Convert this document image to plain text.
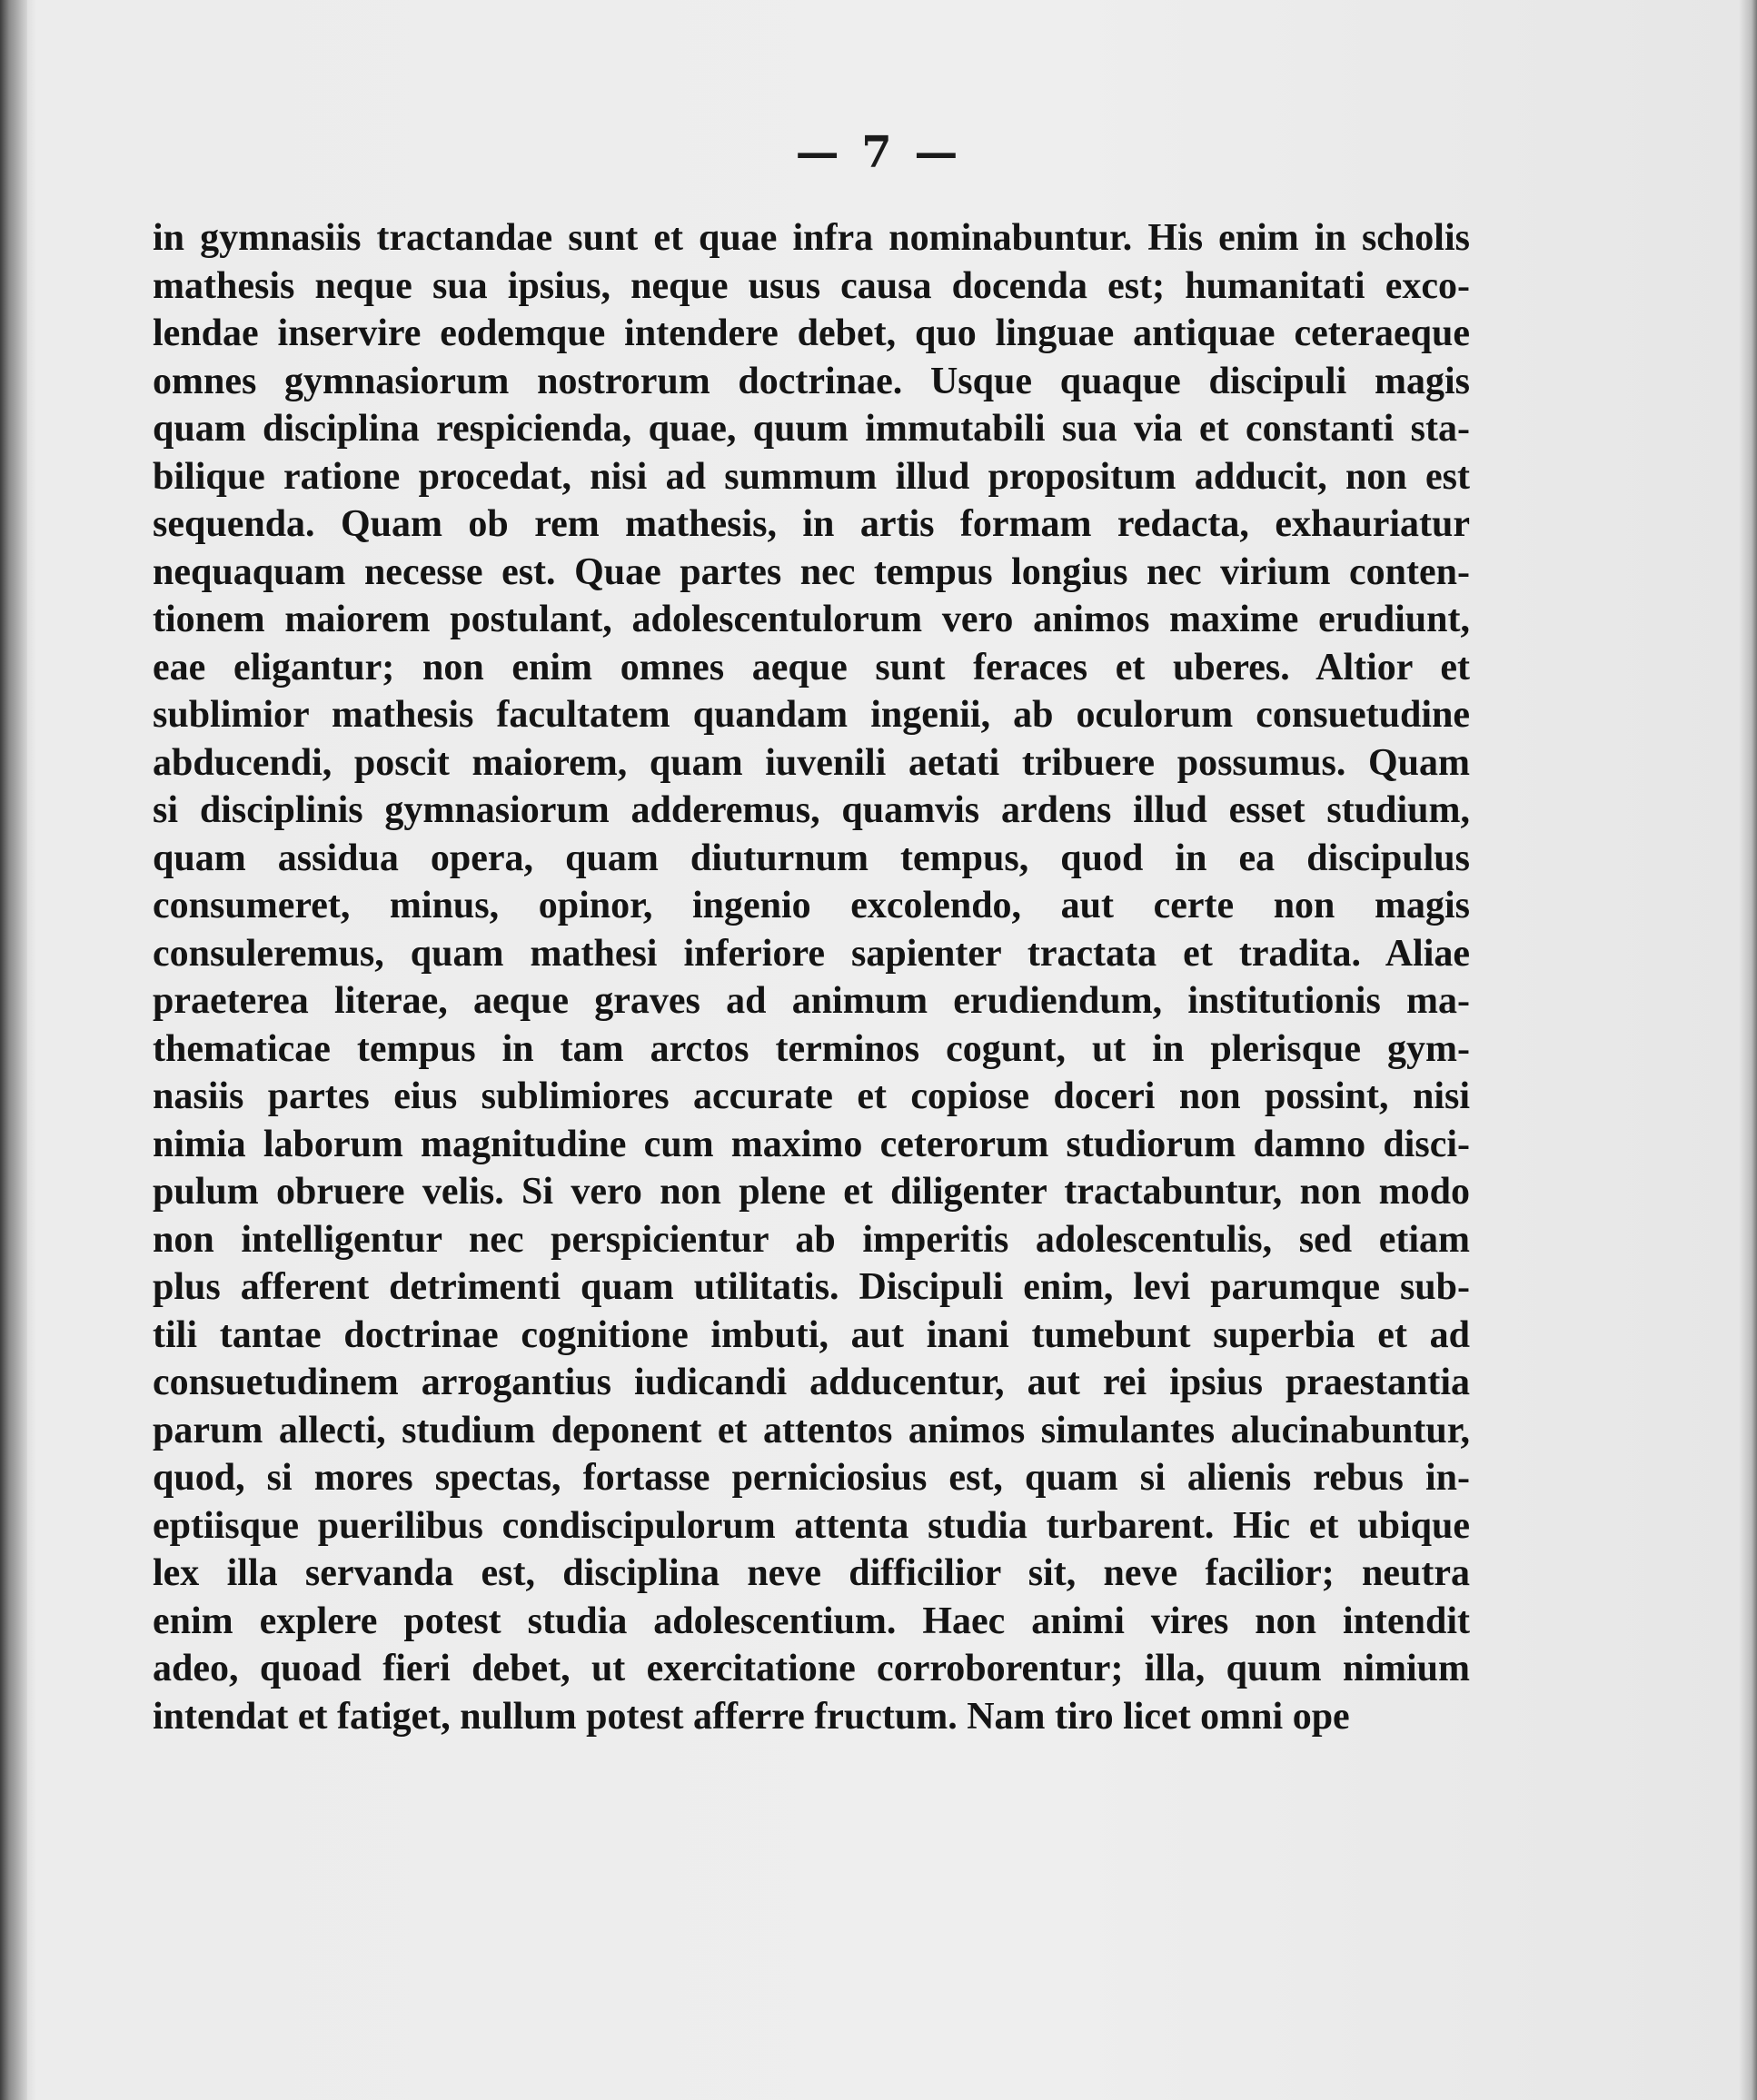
— 7 —
in gymnasiis tractandae sunt et quae infra nominabuntur. His enim in scholis
mathesis neque sua ipsius, neque usus causa docenda est; humanitati exco-
lendae inservire eodemque intendere debet, quo linguae antiquae ceteraeque
omnes gymnasiorum nostrorum doctrinae. Usque quaque discipuli magis
quam disciplina respicienda, quae, quum immutabili sua via et constanti sta-
bilique ratione procedat, nisi ad summum illud propositum adducit, non est
sequenda. Quam ob rem mathesis, in artis formam redacta, exhauriatur
nequaquam necesse est. Quae partes nec tempus longius nec virium conten-
tionem maiorem postulant, adolescentulorum vero animos maxime erudiunt,
eae eligantur; non enim omnes aeque sunt feraces et uberes. Altior et
sublimior mathesis facultatem quandam ingenii, ab oculorum consuetudine
abducendi, poscit maiorem, quam iuvenili aetati tribuere possumus. Quam
si disciplinis gymnasiorum adderemus, quamvis ardens illud esset studium,
quam assidua opera, quam diuturnum tempus, quod in ea discipulus
consumeret, minus, opinor, ingenio excolendo, aut certe non magis
consuleremus, quam mathesi inferiore sapienter tractata et tradita. Aliae
praeterea literae, aeque graves ad animum erudiendum, institutionis ma-
thematicae tempus in tam arctos terminos cogunt, ut in plerisque gym-
nasiis partes eius sublimiores accurate et copiose doceri non possint, nisi
nimia laborum magnitudine cum maximo ceterorum studiorum damno disci-
pulum obruere velis. Si vero non plene et diligenter tractabuntur, non modo
non intelligentur nec perspicientur ab imperitis adolescentulis, sed etiam
plus afferent detrimenti quam utilitatis. Discipuli enim, levi parumque sub-
tili tantae doctrinae cognitione imbuti, aut inani tumebunt superbia et ad
consuetudinem arrogantius iudicandi adducentur, aut rei ipsius praestantia
parum allecti, studium deponent et attentos animos simulantes alucinabuntur,
quod, si mores spectas, fortasse perniciosius est, quam si alienis rebus in-
eptiisque puerilibus condiscipulorum attenta studia turbarent. Hic et ubique
lex illa servanda est, disciplina neve difficilior sit, neve facilior; neutra
enim explere potest studia adolescentium. Haec animi vires non intendit
adeo, quoad fieri debet, ut exercitatione corroborentur; illa, quum nimium
intendat et fatiget, nullum potest afferre fructum. Nam tiro licet omni ope
